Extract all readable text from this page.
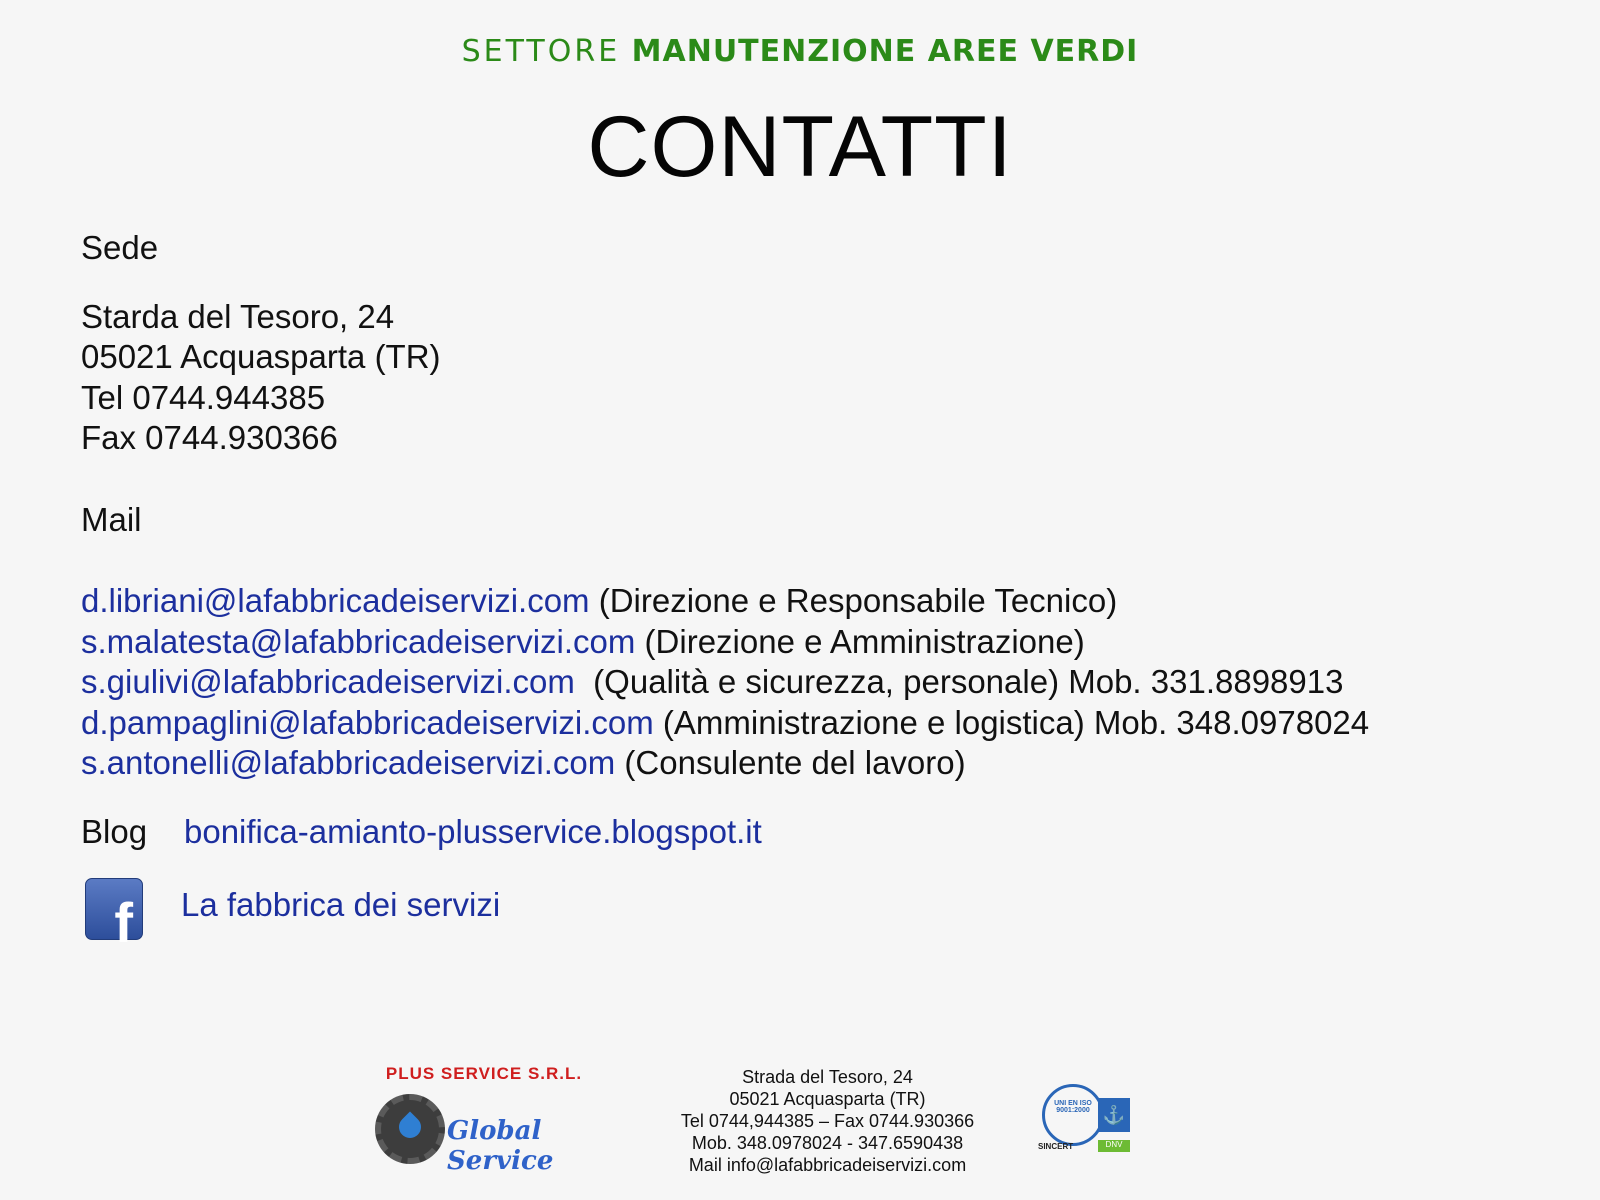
SETTORE MANUTENZIONE AREE VERDI
CONTATTI

Sede

Starda del Tesoro, 24

05021 Acquasparta (TR)

Tel 0744.944385

Fax 0744.930366

Mail

d.libriani@lafabbricadeiservizi.com (Direzione e Responsabile Tecnico)

s.malatesta@lafabbricadeiservizi.com (Direzione e Amministrazione)

s.giulivi@lafabbricadeiservizi.com  (Qualità e sicurezza, personale) Mob. 331.8898913

d.pampaglini@lafabbricadeiservizi.com (Amministrazione e logistica) Mob. 348.0978024

s.antonelli@lafabbricadeiservizi.com (Consulente del lavoro)

Blog	bonifica-amianto-plusservice.blogspot.it
f La fabbrica dei servizi
PLUS SERVICE S.R.L.
Global Service
Strada del Tesoro, 24
05021 Acquasparta (TR)
Tel 0744,944385 – Fax 0744.930366
Mob. 348.0978024 - 347.6590438
Mail info@lafabbricadeiservizi.com
UNI EN ISO 9001:2000 ⚓
SINCERT	DNV
